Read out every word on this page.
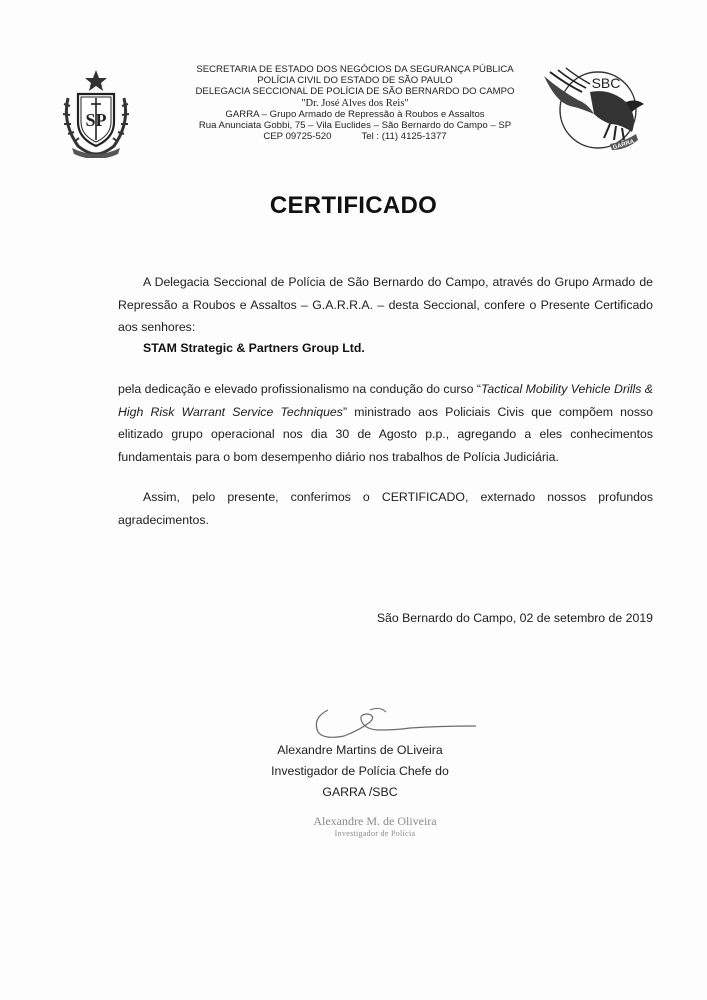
SP
SECRETARIA DE ESTADO DOS NEGÓCIOS DA SEGURANÇA PÚBLICA
POLÍCIA CIVIL DO ESTADO DE SÃO PAULO
DELEGACIA SECCIONAL DE POLÍCIA DE SÃO BERNARDO DO CAMPO
"Dr. José Alves dos Reis"
GARRA – Grupo Armado de Repressão à Roubos e Assaltos
Rua Anunciata Gobbi, 75 – Vila Euclides – São Bernardo do Campo – SP
CEP 09725-520	Tel : (11) 4125-1377
SBC
GARRA
CERTIFICADO
A Delegacia Seccional de Polícia de São Bernardo do Campo, através do Grupo Armado de Repressão a Roubos e Assaltos – G.A.R.R.A. – desta Seccional, confere o Presente Certificado aos senhores:
STAM Strategic & Partners Group Ltd.
pela dedicação e elevado profissionalismo na condução do curso “Tactical Mobility Vehicle Drills & High Risk Warrant Service Techniques” ministrado aos Policiais Civis que compõem nosso elitizado grupo operacional nos dia 30 de Agosto p.p., agregando a eles conhecimentos fundamentais para o bom desempenho diário nos trabalhos de Polícia Judiciária.
Assim, pelo presente, conferimos o CERTIFICADO, externado nossos profundos agradecimentos.
São Bernardo do Campo, 02 de setembro de 2019
Alexandre Martins de OLiveira
Investigador de Polícia Chefe do
GARRA /SBC
Alexandre M. de Oliveira
Investigador de Polícia
